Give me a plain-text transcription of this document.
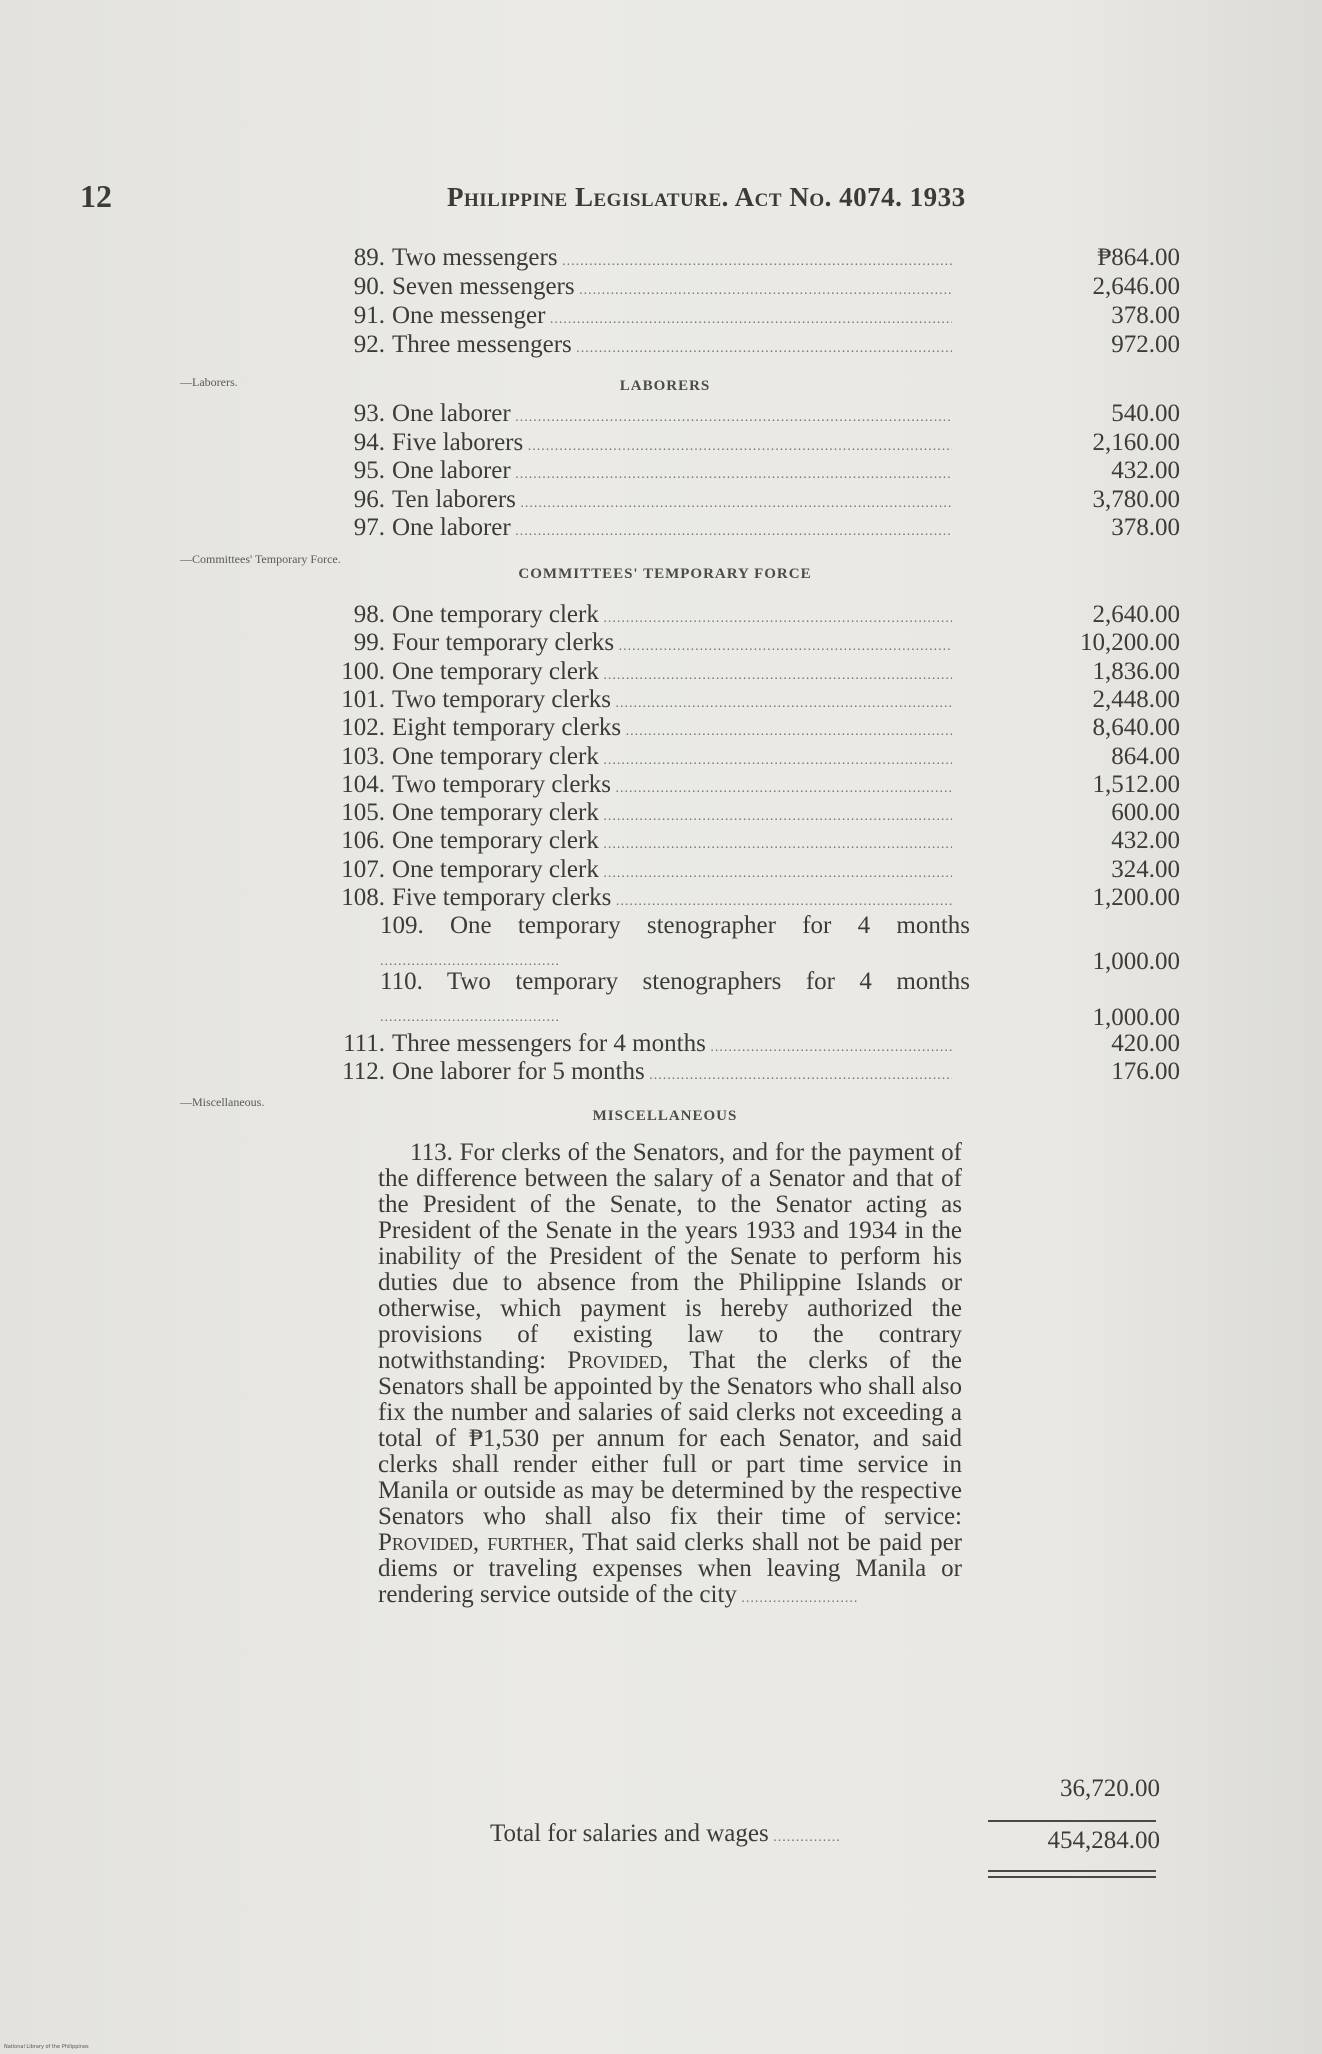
12	Philippine Legislature. Act No. 4074. 1933
89. Two messengers .....	₱864.00
90. Seven messengers .....	2,646.00
91. One messenger .....	378.00
92. Three messengers .....	972.00
—Laborers.	LABORERS
93. One laborer .....	540.00
94. Five laborers .....	2,160.00
95. One laborer .....	432.00
96. Ten laborers .....	3,780.00
97. One laborer .....	378.00
—Committees' Temporary Force.
COMMITTEES' TEMPORARY FORCE
98. One temporary clerk .....	2,640.00
99. Four temporary clerks .....	10,200.00
100. One temporary clerk .....	1,836.00
101. Two temporary clerks .....	2,448.00
102. Eight temporary clerks .....	8,640.00
103. One temporary clerk .....	864.00
104. Two temporary clerks .....	1,512.00
105. One temporary clerk .....	600.00
106. One temporary clerk .....	432.00
107. One temporary clerk .....	324.00
108. Five temporary clerks .....	1,200.00
109. One temporary stenographer for 4 months .....
1,000.00
110. Two temporary stenographers for 4 months .....
1,000.00
111. Three messengers for 4 months .....	420.00
112. One laborer for 5 months .....	176.00
—Miscellaneous.
MISCELLANEOUS
113. For clerks of the Senators, and for the payment of the difference between the salary of a Senator and that of the President of the Senate, to the Senator acting as President of the Senate in the years 1933 and 1934 in the inability of the President of the Senate to perform his duties due to absence from the Philippine Islands or otherwise, which payment is hereby authorized the provisions of existing law to the contrary notwithstanding: Provided, That the clerks of the Senators shall be appointed by the Senators who shall also fix the number and salaries of said clerks not exceeding a total of ₱1,530 per annum for each Senator, and said clerks shall render either full or part time service in Manila or outside as may be determined by the respective Senators who shall also fix their time of service: Provided, further, That said clerks shall not be paid per diems or traveling expenses when leaving Manila or rendering service outside of the city .....
36,720.00
Total for salaries and wages .....	454,284.00
National Library of the Philippines
